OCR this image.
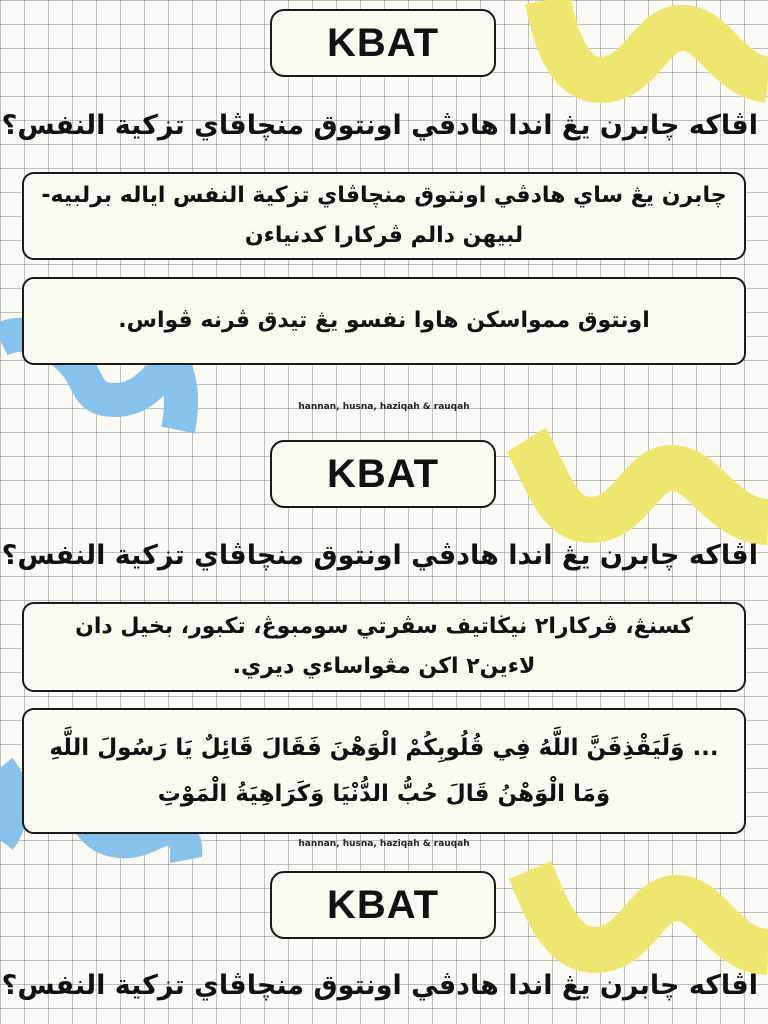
KBAT
اڤاکه چابرن يڠ اندا هادڤي اونتوق منچاڤاي تزکية النفس؟
چابرن يڠ ساي هادڤي اونتوق منچاڤاي تزکية النفس اياله برلبيه-لبيهن دالم ڤرکارا کدنياءن
اونتوق ممواسکن هاوا نفسو يڠ تيدق ڤرنه ڤواس.
hannan, husna, haziqah & rauqah
KBAT
اڤاکه چابرن يڠ اندا هادڤي اونتوق منچاڤاي تزکية النفس؟
کسنڠ، ڤرکارا٢ نيڬاتيف سڤرتي سومبوڠ، تکبور، بخيل دان لاءين٢ اکن مڠواساءي ديري.
... وَلَيَقْذِفَنَّ اللَّهُ فِي قُلُوبِكُمْ الْوَهْنَ فَقَالَ قَائِلٌ يَا رَسُولَ اللَّهِ وَمَا الْوَهْنُ قَالَ حُبُّ الدُّنْيَا وَكَرَاهِيَةُ الْمَوْتِ
hannan, husna, haziqah & rauqah
KBAT
اڤاکه چابرن يڠ اندا هادڤي اونتوق منچاڤاي تزکية النفس؟
